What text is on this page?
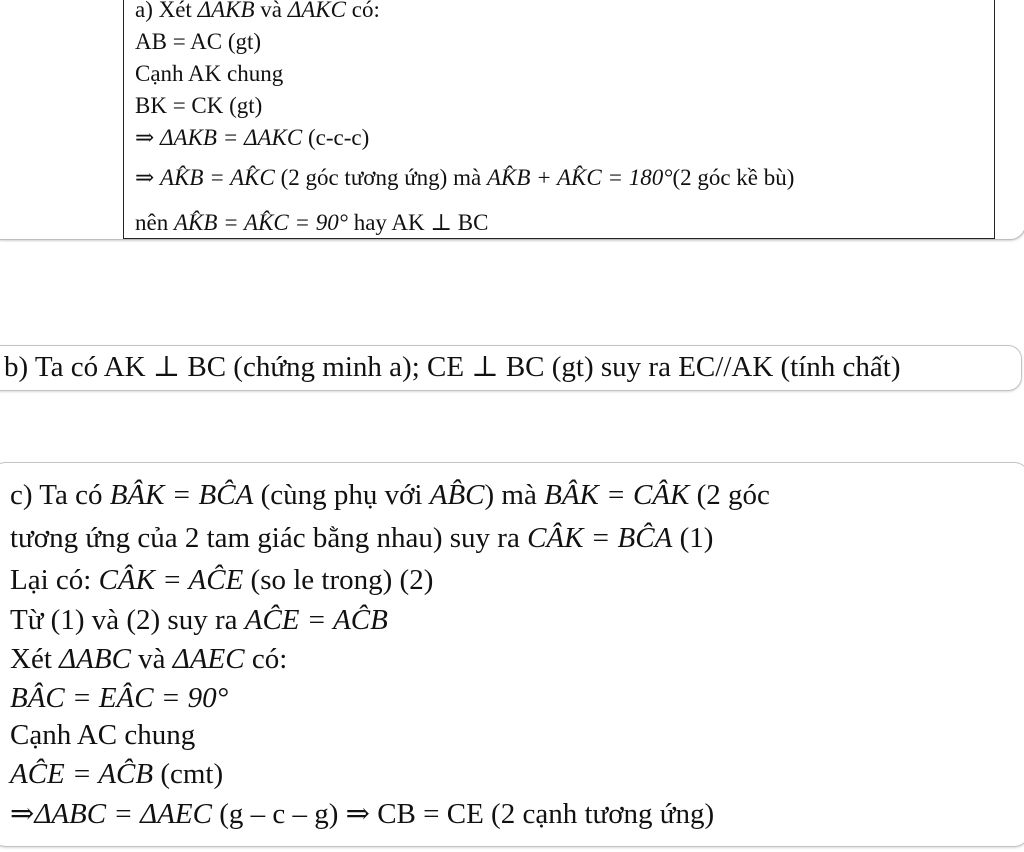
a) Xét ΔAKB và ΔAKC có:
AB = AC (gt)
Cạnh AK chung
BK = CK (gt)
⇒ ΔAKB = ΔAKC (c-c-c)
⇒ AK̂B = AK̂C (2 góc tương ứng) mà AK̂B + AK̂C = 180°(2 góc kề bù)
nên AK̂B = AK̂C = 90° hay AK ⊥ BC
b) Ta có AK ⊥ BC (chứng minh a); CE ⊥ BC (gt) suy ra EC//AK (tính chất)
c) Ta có BÂK = BĈA (cùng phụ với AB̂C) mà BÂK = CÂK (2 góc
tương ứng của 2 tam giác bằng nhau) suy ra CÂK = BĈA (1)
Lại có: CÂK = AĈE (so le trong) (2)
Từ (1) và (2) suy ra AĈE = AĈB
Xét ΔABC và ΔAEC có:
BÂC = EÂC = 90°
Cạnh AC chung
AĈE = AĈB (cmt)
⇒ΔABC = ΔAEC (g – c – g) ⇒ CB = CE (2 cạnh tương ứng)
